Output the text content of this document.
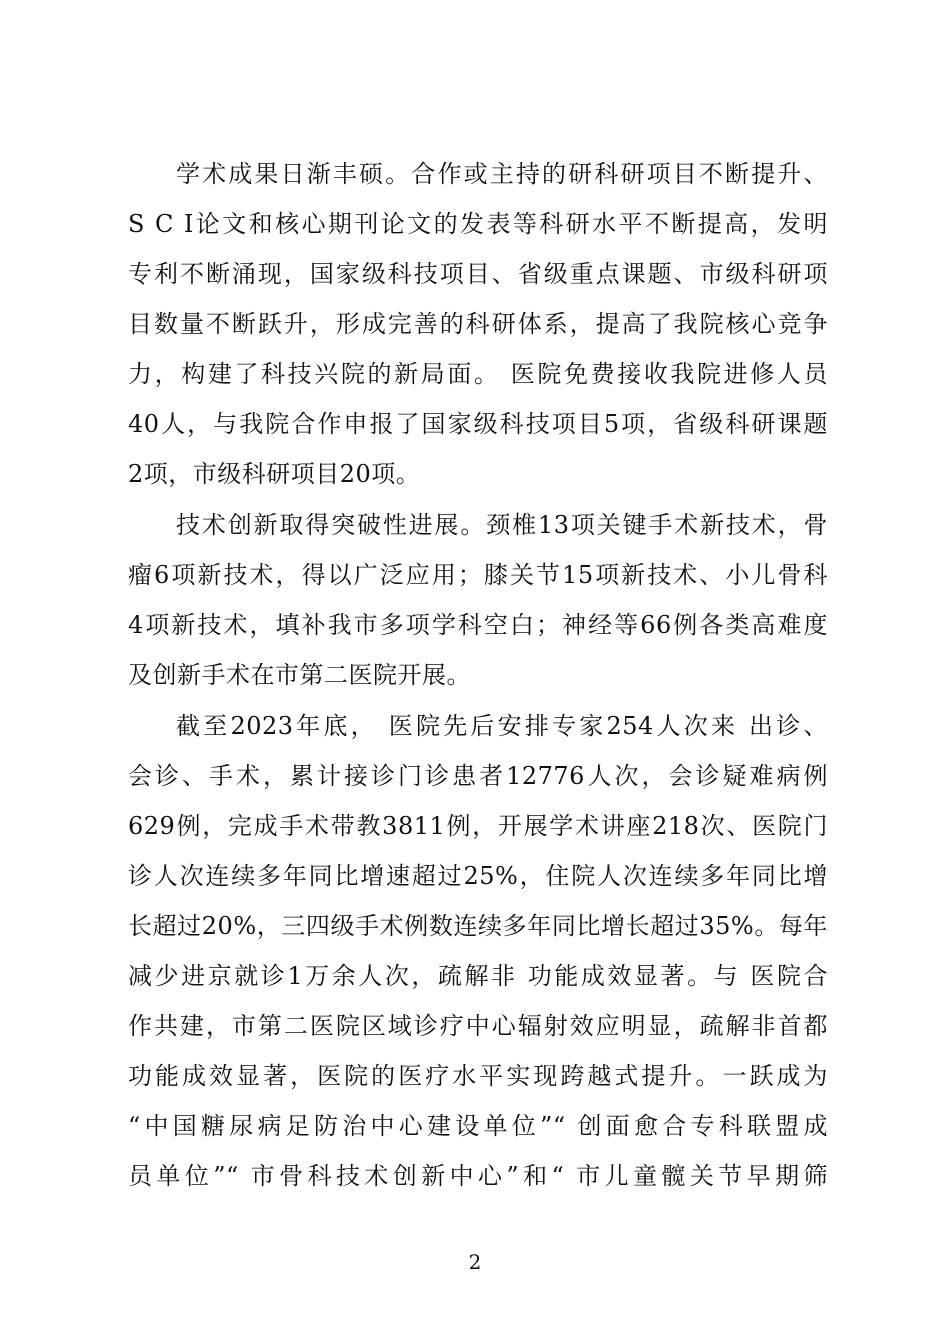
学术成果日渐丰硕。合作或主持的研科研项目不断提升、
S C I论文和核心期刊论文的发表等科研水平不断提高，发明
专利不断涌现，国家级科技项目、省级重点课题、市级科研项
目数量不断跃升，形成完善的科研体系，提高了我院核心竞争
力，构建了科技兴院的新局面。 医院免费接收我院进修人员
40人，与我院合作申报了国家级科技项目5项，省级科研课题
2项，市级科研项目20项。
技术创新取得突破性进展。颈椎13项关键手术新技术，骨
瘤6项新技术，得以广泛应用；膝关节15项新技术、小儿骨科
4项新技术，填补我市多项学科空白；神经等66例各类高难度
及创新手术在市第二医院开展。
截至2023年底， 医院先后安排专家254人次来 出诊、
会诊、手术，累计接诊门诊患者12776人次，会诊疑难病例
629例，完成手术带教3811例，开展学术讲座218次、医院门
诊人次连续多年同比增速超过25%，住院人次连续多年同比增
长超过20%，三四级手术例数连续多年同比增长超过35%。每年
减少进京就诊1万余人次，疏解非 功能成效显著。与 医院合
作共建，市第二医院区域诊疗中心辐射效应明显，疏解非首都
功能成效显著，医院的医疗水平实现跨越式提升。一跃成为
“中国糖尿病足防治中心建设单位”“ 创面愈合专科联盟成
员单位”“ 市骨科技术创新中心”和“ 市儿童髋关节早期筛
2
